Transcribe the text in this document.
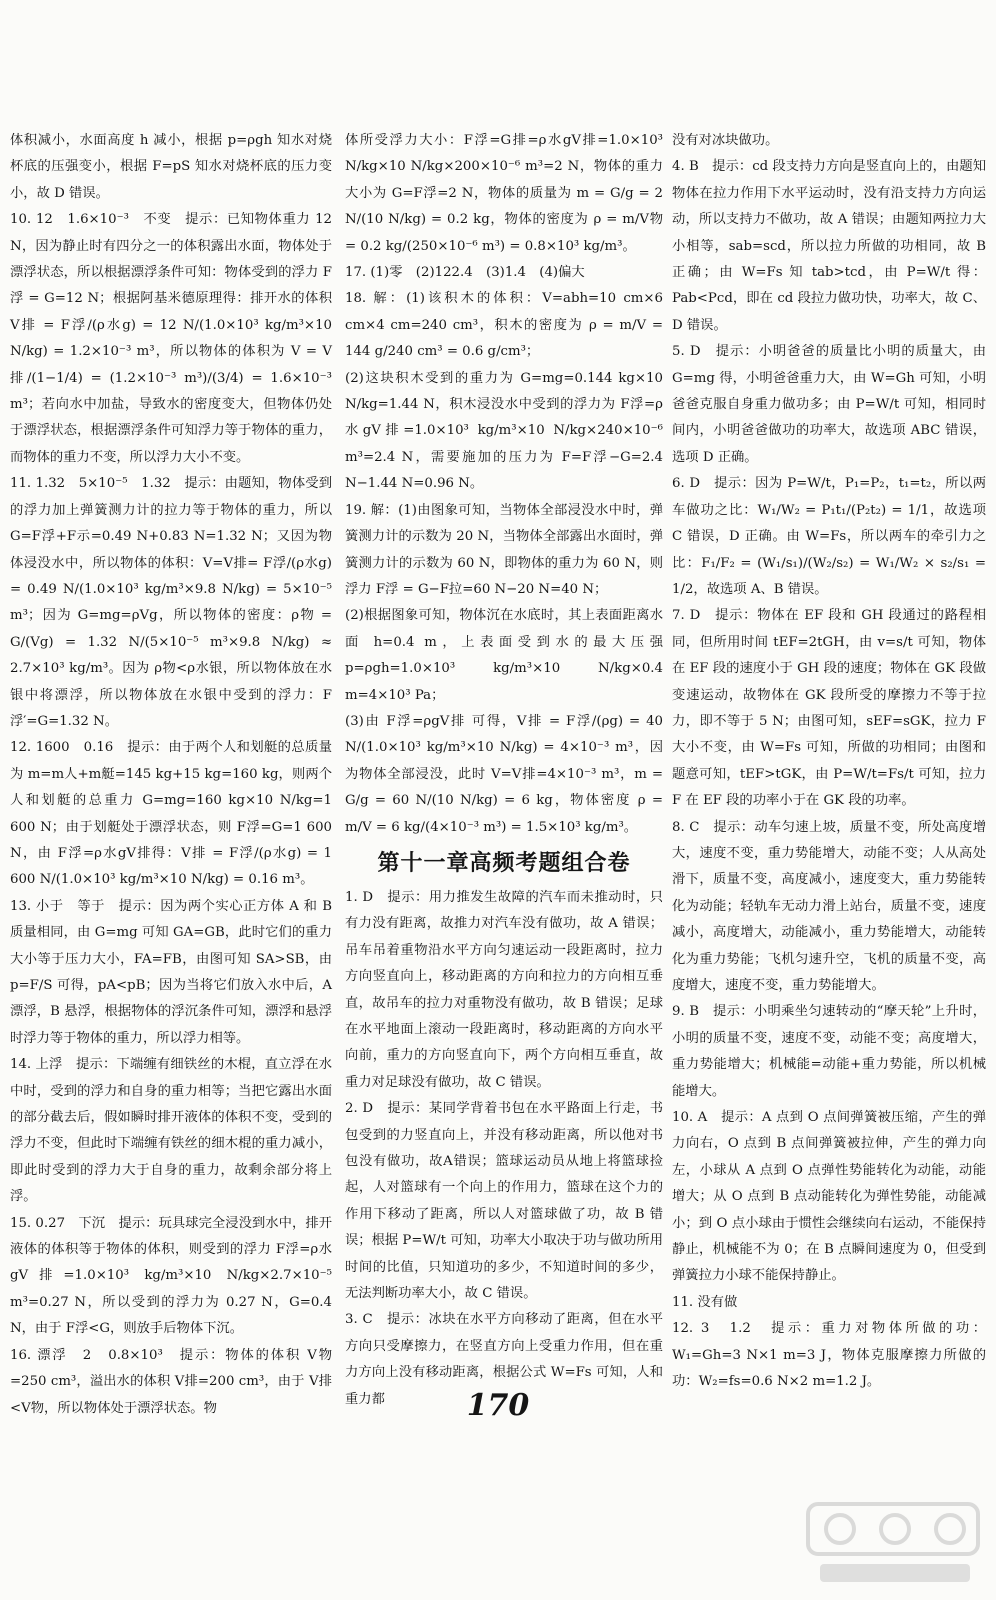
体积减小，水面高度 h 减小，根据 p=ρgh 知水对烧杯底的压强变小，根据 F=pS 知水对烧杯底的压力变小，故 D 错误。

10. 12　1.6×10⁻³　不变　提示：已知物体重力 12 N，因为静止时有四分之一的体积露出水面，物体处于漂浮状态，所以根据漂浮条件可知：物体受到的浮力 F浮 = G=12 N；根据阿基米德原理得：排开水的体积 V排 = F浮/(ρ水g) = 12 N/(1.0×10³ kg/m³×10 N/kg) = 1.2×10⁻³ m³，所以物体的体积为 V = V排/(1−1/4) = (1.2×10⁻³ m³)/(3/4) = 1.6×10⁻³ m³；若向水中加盐，导致水的密度变大，但物体仍处于漂浮状态，根据漂浮条件可知浮力等于物体的重力，而物体的重力不变，所以浮力大小不变。

11. 1.32　5×10⁻⁵　1.32　提示：由题知，物体受到的浮力加上弹簧测力计的拉力等于物体的重力，所以 G=F浮+F示=0.49 N+0.83 N=1.32 N；又因为物体浸没水中，所以物体的体积：V=V排= F浮/(ρ水g) = 0.49 N/(1.0×10³ kg/m³×9.8 N/kg) = 5×10⁻⁵ m³；因为 G=mg=ρVg，所以物体的密度：ρ物 = G/(Vg) = 1.32 N/(5×10⁻⁵ m³×9.8 N/kg) ≈ 2.7×10³ kg/m³。因为 ρ物<ρ水银，所以物体放在水银中将漂浮，所以物体放在水银中受到的浮力：F浮′=G=1.32 N。

12. 1600　0.16　提示：由于两个人和划艇的总质量为 m=m人+m艇=145 kg+15 kg=160 kg，则两个人和划艇的总重力 G=mg=160 kg×10 N/kg=1 600 N；由于划艇处于漂浮状态，则 F浮=G=1 600 N，由 F浮=ρ水gV排得：V排 = F浮/(ρ水g) = 1 600 N/(1.0×10³ kg/m³×10 N/kg) = 0.16 m³。

13. 小于　等于　提示：因为两个实心正方体 A 和 B 质量相同，由 G=mg 可知 GA=GB，此时它们的重力大小等于压力大小，FA=FB，由图可知 SA>SB，由 p=F/S 可得，pA<pB；因为当将它们放入水中后，A 漂浮，B 悬浮，根据物体的浮沉条件可知，漂浮和悬浮时浮力等于物体的重力，所以浮力相等。

14. 上浮　提示：下端缠有细铁丝的木棍，直立浮在水中时，受到的浮力和自身的重力相等；当把它露出水面的部分截去后，假如瞬时排开液体的体积不变，受到的浮力不变，但此时下端缠有铁丝的细木棍的重力减小，即此时受到的浮力大于自身的重力，故剩余部分将上浮。

15. 0.27　下沉　提示：玩具球完全浸没到水中，排开液体的体积等于物体的体积，则受到的浮力 F浮=ρ水gV排=1.0×10³ kg/m³×10 N/kg×2.7×10⁻⁵ m³=0.27 N，所以受到的浮力为 0.27 N，G=0.4 N，由于 F浮<G，则放手后物体下沉。

16. 漂浮　2　0.8×10³　提示：物体的体积 V物=250 cm³，溢出水的体积 V排=200 cm³，由于 V排<V物，所以物体处于漂浮状态。物

体所受浮力大小：F浮=G排=ρ水gV排=1.0×10³ N/kg×10 N/kg×200×10⁻⁶ m³=2 N，物体的重力大小为 G=F浮=2 N，物体的质量为 m = G/g = 2 N/(10 N/kg) = 0.2 kg，物体的密度为 ρ = m/V物 = 0.2 kg/(250×10⁻⁶ m³) = 0.8×10³ kg/m³。

17. (1)零　(2)122.4　(3)1.4　(4)偏大

18. 解：(1)该积木的体积：V=abh=10 cm×6 cm×4 cm=240 cm³，积木的密度为 ρ = m/V = 144 g/240 cm³ = 0.6 g/cm³；

(2)这块积木受到的重力为 G=mg=0.144 kg×10 N/kg=1.44 N，积木浸没水中受到的浮力为 F浮=ρ水gV排=1.0×10³ kg/m³×10 N/kg×240×10⁻⁶ m³=2.4 N，需要施加的压力为 F=F浮−G=2.4 N−1.44 N=0.96 N。

19. 解：(1)由图象可知，当物体全部浸没水中时，弹簧测力计的示数为 20 N，当物体全部露出水面时，弹簧测力计的示数为 60 N，即物体的重力为 60 N，则浮力 F浮 = G−F拉=60 N−20 N=40 N；

(2)根据图象可知，物体沉在水底时，其上表面距离水面 h=0.4 m，上表面受到水的最大压强 p=ρgh=1.0×10³ kg/m³×10 N/kg×0.4 m=4×10³ Pa；

(3)由 F浮=ρgV排 可得，V排 = F浮/(ρg) = 40 N/(1.0×10³ kg/m³×10 N/kg) = 4×10⁻³ m³，因为物体全部浸没，此时 V=V排=4×10⁻³ m³，m = G/g = 60 N/(10 N/kg) = 6 kg，物体密度 ρ = m/V = 6 kg/(4×10⁻³ m³) = 1.5×10³ kg/m³。

第十一章高频考题组合卷

1. D　提示：用力推发生故障的汽车而未推动时，只有力没有距离，故推力对汽车没有做功，故 A 错误；吊车吊着重物沿水平方向匀速运动一段距离时，拉力方向竖直向上，移动距离的方向和拉力的方向相互垂直，故吊车的拉力对重物没有做功，故 B 错误；足球在水平地面上滚动一段距离时，移动距离的方向水平向前，重力的方向竖直向下，两个方向相互垂直，故重力对足球没有做功，故 C 错误。

2. D　提示：某同学背着书包在水平路面上行走，书包受到的力竖直向上，并没有移动距离，所以他对书包没有做功，故A错误；篮球运动员从地上将篮球捡起，人对篮球有一个向上的作用力，篮球在这个力的作用下移动了距离，所以人对篮球做了功，故 B 错误；根据 P=W/t 可知，功率大小取决于功与做功所用时间的比值，只知道功的多少，不知道时间的多少，无法判断功率大小，故 C 错误。

3. C　提示：冰块在水平方向移动了距离，但在水平方向只受摩擦力，在竖直方向上受重力作用，但在重力方向上没有移动距离，根据公式 W=Fs 可知，人和重力都

没有对冰块做功。

4. B　提示：cd 段支持力方向是竖直向上的，由题知物体在拉力作用下水平运动时，没有沿支持力方向运动，所以支持力不做功，故 A 错误；由题知两拉力大小相等，sab=scd，所以拉力所做的功相同，故 B 正确；由 W=Fs 知 tab>tcd，由 P=W/t 得：Pab<Pcd，即在 cd 段拉力做功快，功率大，故 C、D 错误。

5. D　提示：小明爸爸的质量比小明的质量大，由 G=mg 得，小明爸爸重力大，由 W=Gh 可知，小明爸爸克服自身重力做功多；由 P=W/t 可知，相同时间内，小明爸爸做功的功率大，故选项 ABC 错误，选项 D 正确。

6. D　提示：因为 P=W/t，P₁=P₂，t₁=t₂，所以两车做功之比：W₁/W₂ = P₁t₁/(P₂t₂) = 1/1，故选项 C 错误，D 正确。由 W=Fs，所以两车的牵引力之比：F₁/F₂ = (W₁/s₁)/(W₂/s₂) = W₁/W₂ × s₂/s₁ = 1/2，故选项 A、B 错误。

7. D　提示：物体在 EF 段和 GH 段通过的路程相同，但所用时间 tEF=2tGH，由 v=s/t 可知，物体在 EF 段的速度小于 GH 段的速度；物体在 GK 段做变速运动，故物体在 GK 段所受的摩擦力不等于拉力，即不等于 5 N；由图可知，sEF=sGK，拉力 F 大小不变，由 W=Fs 可知，所做的功相同；由图和题意可知，tEF>tGK，由 P=W/t=Fs/t 可知，拉力 F 在 EF 段的功率小于在 GK 段的功率。

8. C　提示：动车匀速上坡，质量不变，所处高度增大，速度不变，重力势能增大，动能不变；人从高处滑下，质量不变，高度减小，速度变大，重力势能转化为动能；轻轨车无动力滑上站台，质量不变，速度减小，高度增大，动能减小，重力势能增大，动能转化为重力势能；飞机匀速升空，飞机的质量不变，高度增大，速度不变，重力势能增大。

9. B　提示：小明乘坐匀速转动的“摩天轮”上升时，小明的质量不变，速度不变，动能不变；高度增大，重力势能增大；机械能=动能+重力势能，所以机械能增大。

10. A　提示：A 点到 O 点间弹簧被压缩，产生的弹力向右，O 点到 B 点间弹簧被拉伸，产生的弹力向左，小球从 A 点到 O 点弹性势能转化为动能，动能增大；从 O 点到 B 点动能转化为弹性势能，动能减小；到 O 点小球由于惯性会继续向右运动，不能保持静止，机械能不为 0；在 B 点瞬间速度为 0，但受到弹簧拉力小球不能保持静止。

11. 没有做

12. 3　1.2　提示：重力对物体所做的功：W₁=Gh=3 N×1 m=3 J，物体克服摩擦力所做的功：W₂=fs=0.6 N×2 m=1.2 J。

170
